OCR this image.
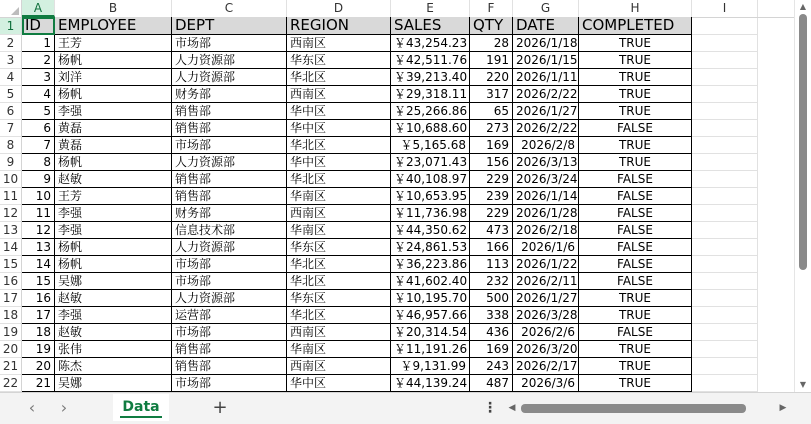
A	B	C	D	E	F	G	H	I
1
2
3
4
5
6
7
8
9
10
11
12
13
14
15
16
17
18
19
20
21
22
ID	EMPLOYEE	DEPT	REGION	SALES	QTY DATE	COMPLETED
1 王芳	市场部	西南区	￥43,254.23	28 2026/1/18	TRUE
2 杨帆	人力资源部	华东区	￥42,511.76	191 2026/1/15	TRUE
3 刘洋	人力资源部	华北区	￥39,213.40	220 2026/1/11	TRUE
4 杨帆	财务部	西南区	￥29,318.11	317 2026/2/22	TRUE
5 李强	销售部	华中区	￥25,266.86	65 2026/1/27	TRUE
6 黄磊	销售部	华中区	￥10,688.60	273 2026/2/22	FALSE
7 黄磊	市场部	华北区	￥5,165.68	169	2026/2/8	TRUE
8 杨帆	人力资源部	华中区	￥23,071.43	156 2026/3/13	TRUE
9 赵敏	销售部	华北区	￥40,108.97	229 2026/3/24	FALSE
10 王芳	销售部	华南区	￥10,653.95	239 2026/1/14	FALSE
11 李强	财务部	西南区	￥11,736.98	229 2026/1/28	FALSE
12 李强	信息技术部	华南区	￥44,350.62	473 2026/2/18	FALSE
13 杨帆	人力资源部	华东区	￥24,861.53	166	2026/1/6	FALSE
14 杨帆	市场部	华北区	￥36,223.86	113 2026/1/22	FALSE
15 吴娜	市场部	华北区	￥41,602.40	232 2026/2/11	FALSE
16 赵敏	人力资源部	华东区	￥10,195.70	500 2026/1/27	TRUE
17 李强	运营部	华北区	￥46,957.66	338 2026/3/28	TRUE
18 赵敏	市场部	西南区	￥20,314.54	436	2026/2/6	FALSE
19 张伟	销售部	华南区	￥11,191.26	169 2026/3/20	TRUE
20 陈杰	销售部	西南区	￥9,131.99	243 2026/2/17	TRUE
21 吴娜	市场部	华中区	￥44,139.24	487	2026/3/6	TRUE
▲
▼
‹ ›	Data	+	⋮ ◀	▶
